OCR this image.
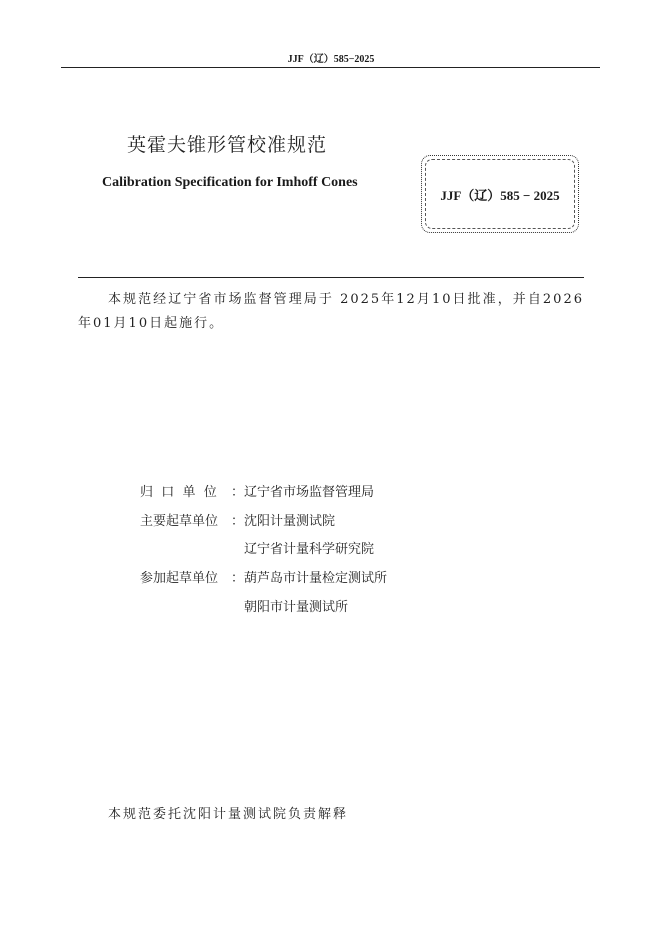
JJF（辽）585−2025
英霍夫锥形管校准规范
Calibration Specification for Imhoff Cones
JJF（辽）585 − 2025
本规范经辽宁省市场监督管理局于 2025年12月10日批准，并自2026年01月10日起施行。
归  口  单  位	： 辽宁省市场监督管理局
主要起草单位 ： 沈阳计量测试院
辽宁省计量科学研究院
参加起草单位 ： 葫芦岛市计量检定测试所
朝阳市计量测试所
本规范委托沈阳计量测试院负责解释
